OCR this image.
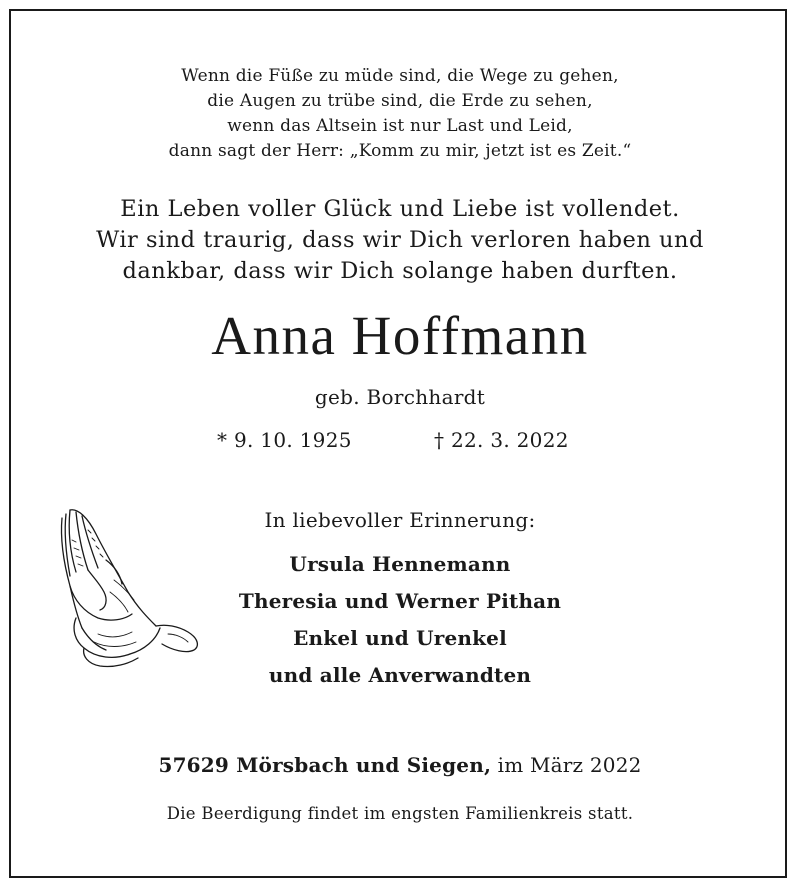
Wenn die Füße zu müde sind, die Wege zu gehen,
die Augen zu trübe sind, die Erde zu sehen,
wenn das Altsein ist nur Last und Leid,
dann sagt der Herr: „Komm zu mir, jetzt ist es Zeit.“
Ein Leben voller Glück und Liebe ist vollendet.
Wir sind traurig, dass wir Dich verloren haben und
dankbar, dass wir Dich solange haben durften.
Anna Hoffmann
geb. Borchhardt
* 9. 10. 1925	† 22. 3. 2022
In liebevoller Erinnerung:
Ursula Hennemann
Theresia und Werner Pithan
Enkel und Urenkel
und alle Anverwandten
57629 Mörsbach und Siegen, im März 2022
Die Beerdigung findet im engsten Familienkreis statt.
